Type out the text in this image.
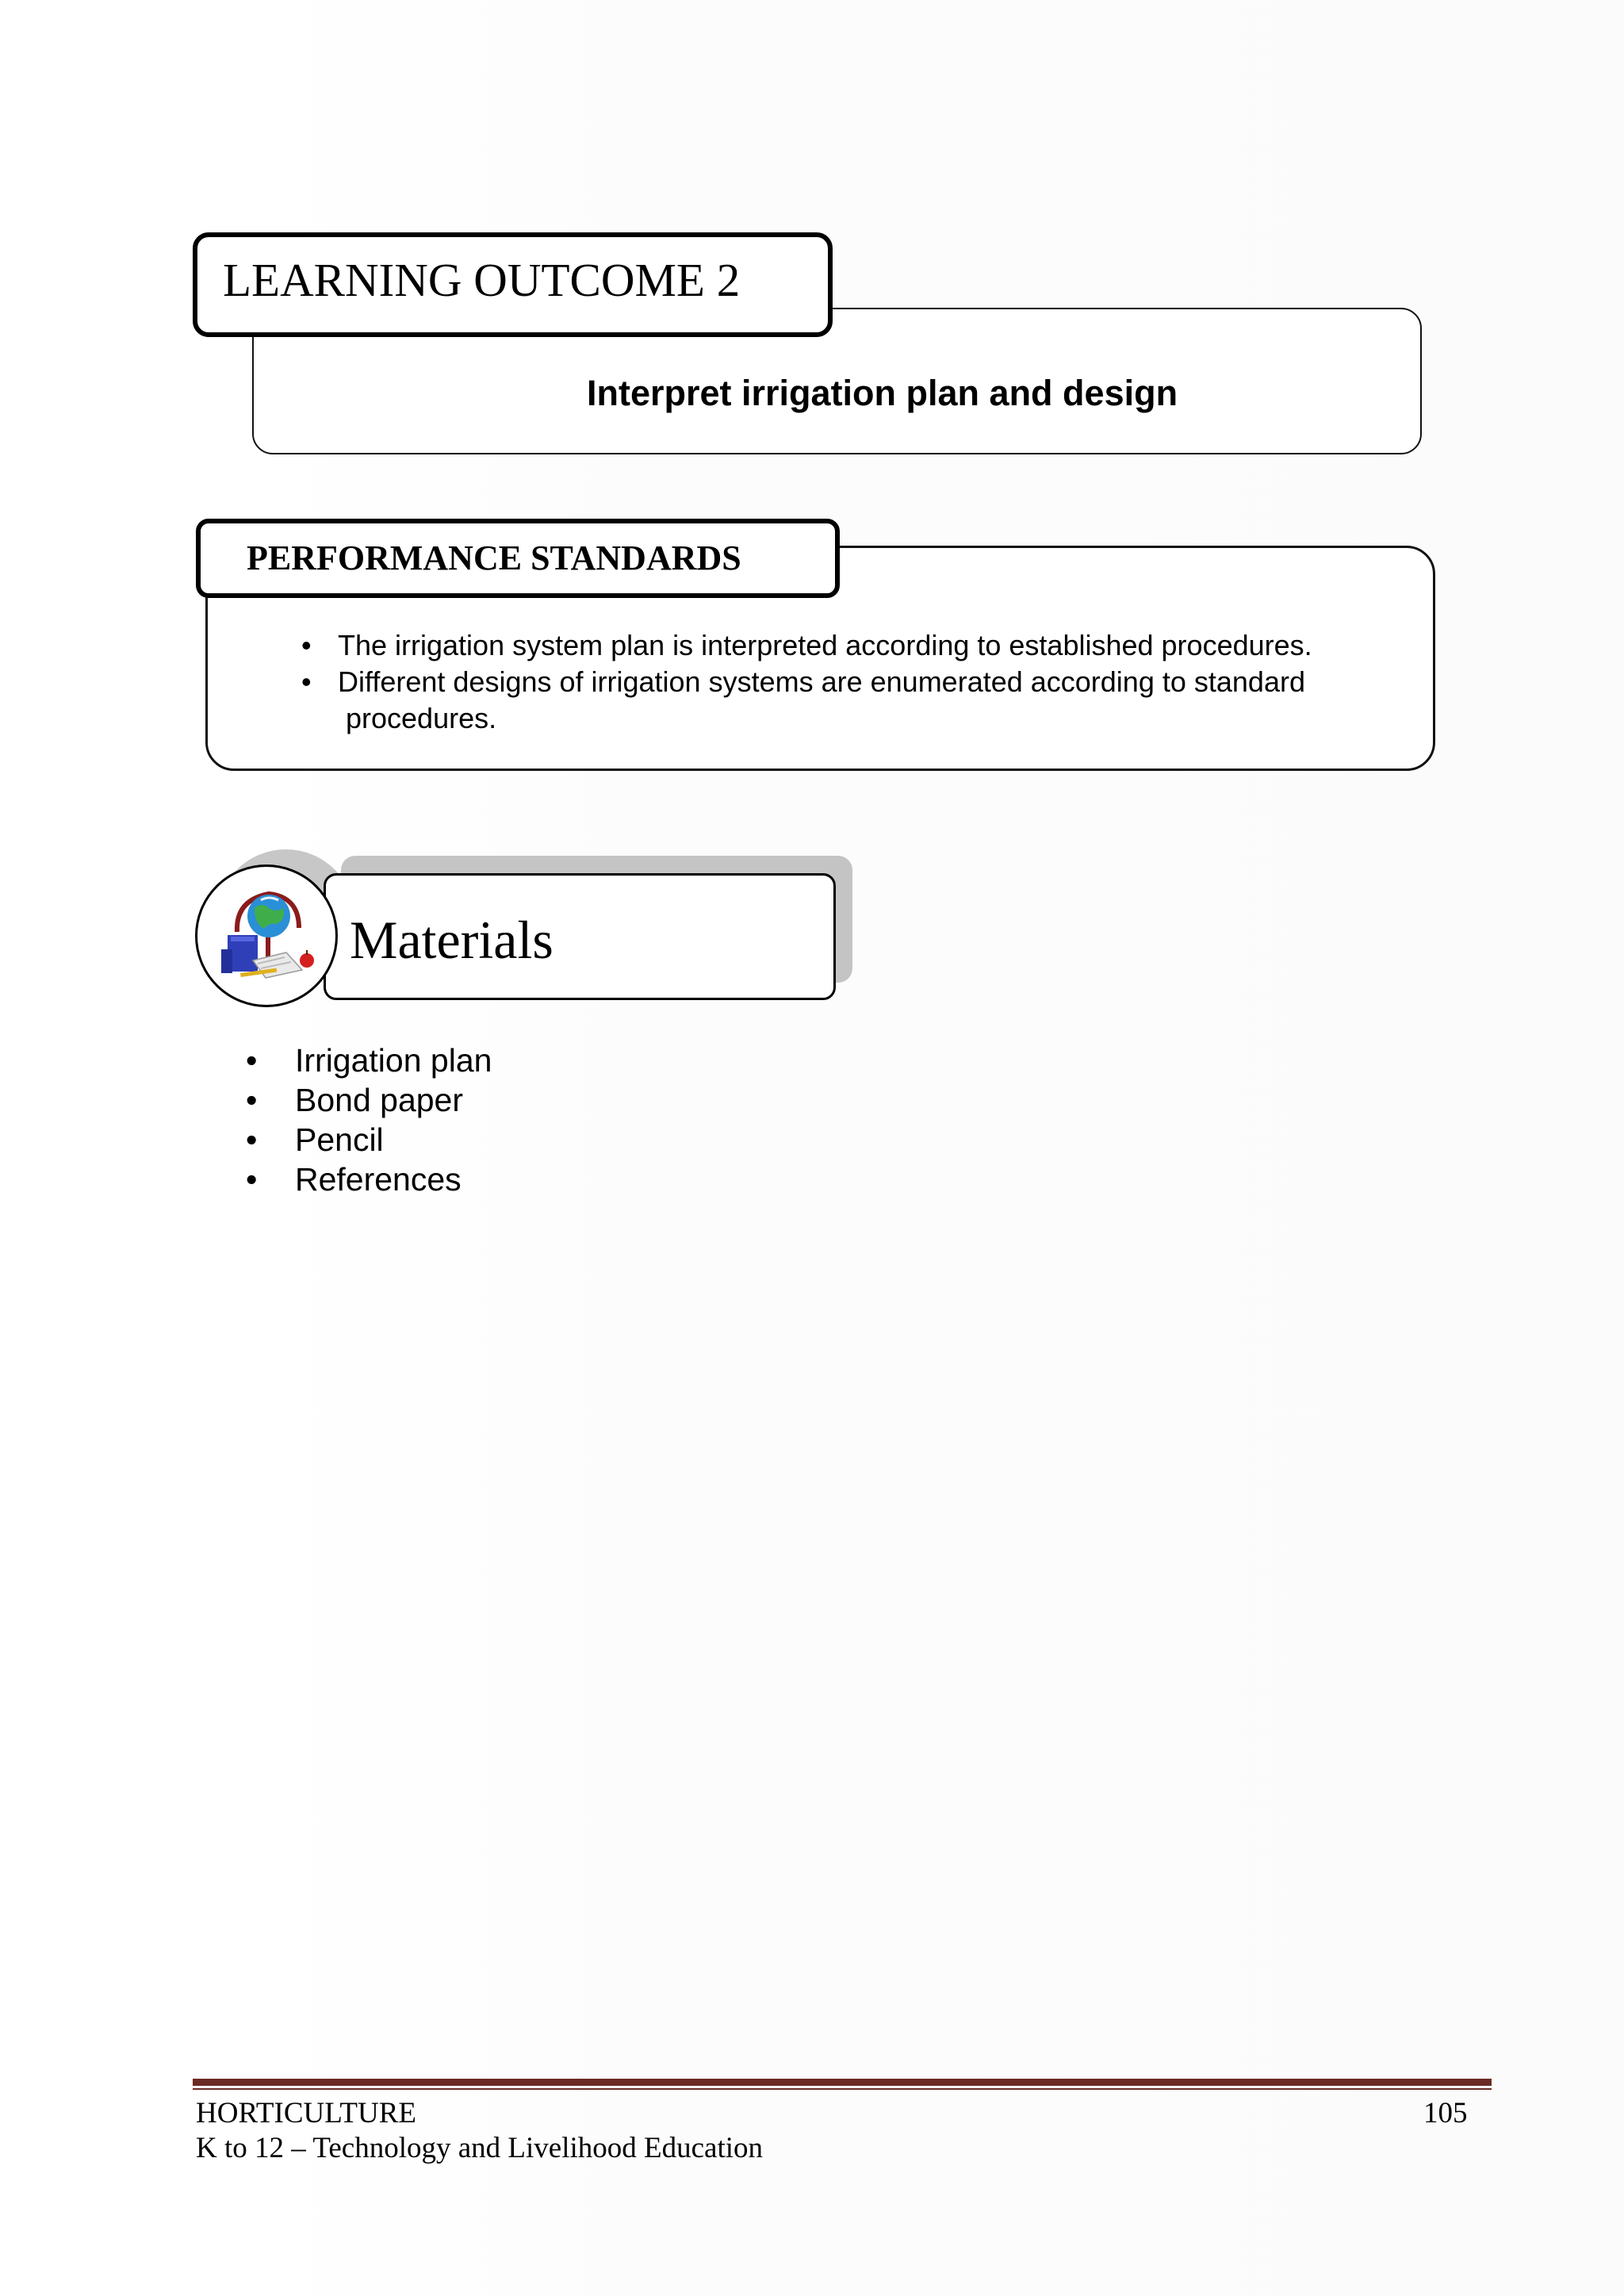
Interpret irrigation plan and design
LEARNING OUTCOME 2
• The irrigation system plan is interpreted according to established procedures.
• Different designs of irrigation systems are enumerated according to standard
procedures.
PERFORMANCE STANDARDS
Materials
• Irrigation plan
• Bond paper
• Pencil
• References
HORTICULTURE
K to 12 – Technology and Livelihood Education
105
